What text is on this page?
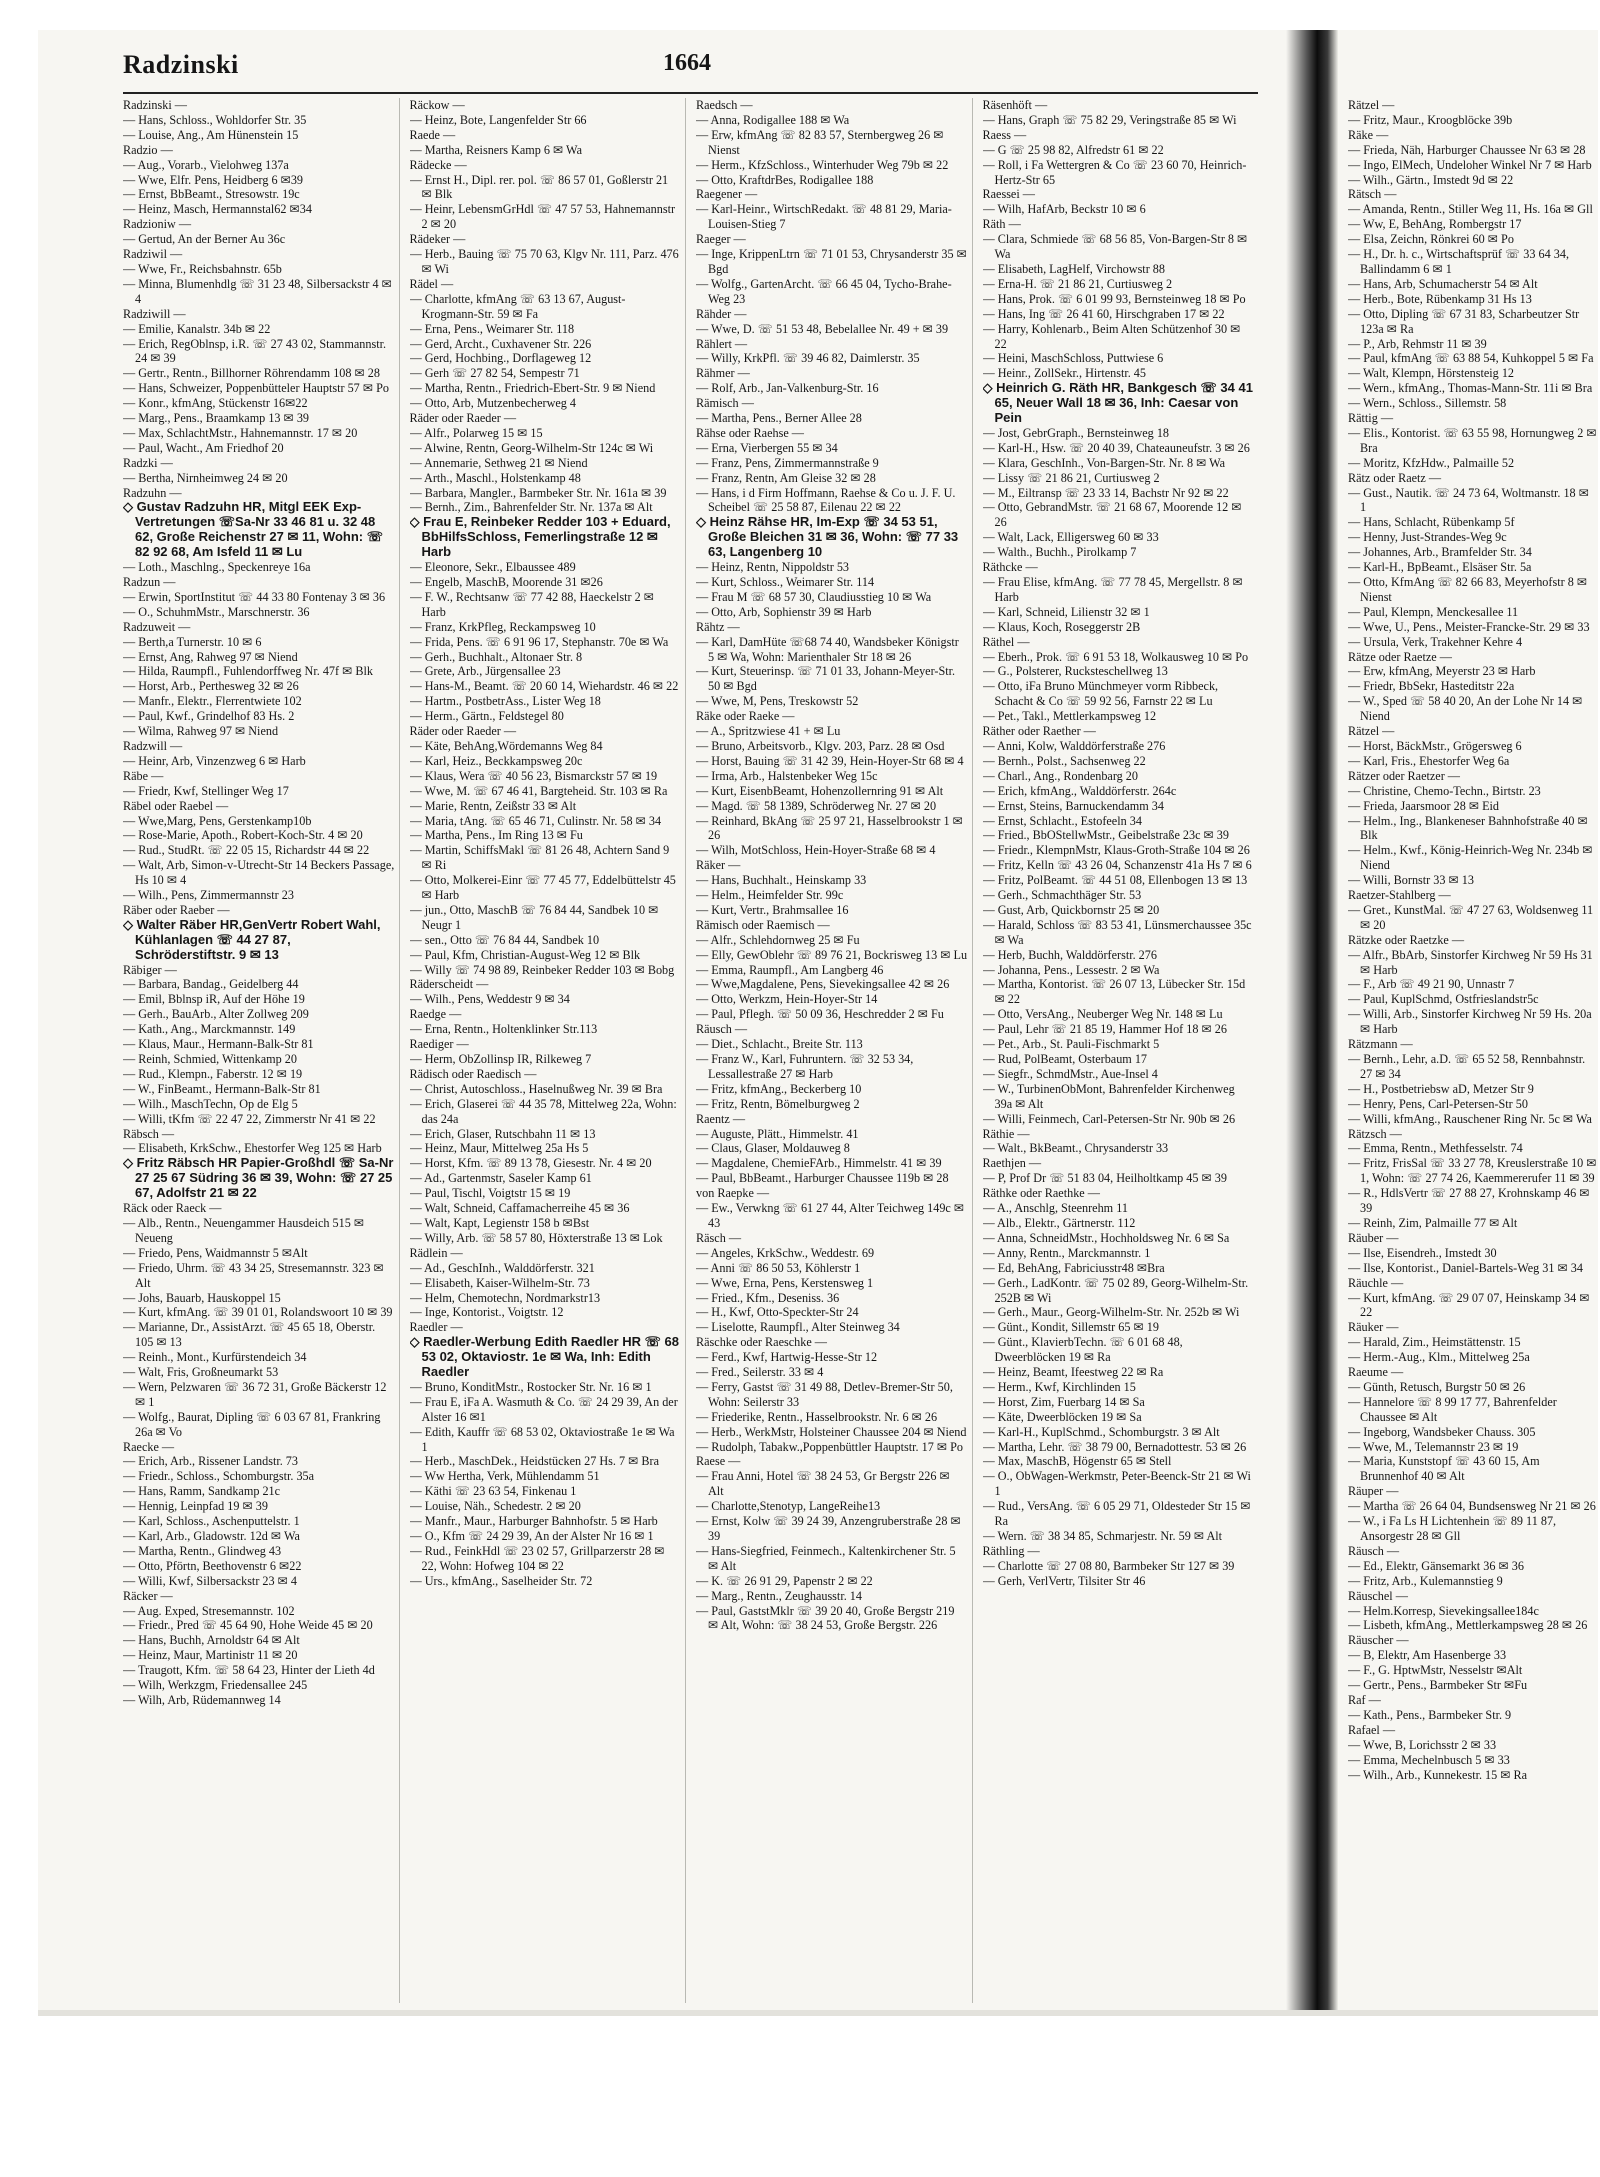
Radzinski	1664

Radzinski —

— Hans, Schloss., Wohldorfer Str. 35

— Louise, Ang., Am Hünenstein 15

Radzio —

— Aug., Vorarb., Vielohweg 137a

— Wwe, Elfr. Pens, Heidberg 6 ✉39

— Ernst, BbBeamt., Stresowstr. 19c

— Heinz, Masch, Hermannstal62 ✉34

Radzioniw —

— Gertud, An der Berner Au 36c

Radziwil —

— Wwe, Fr., Reichsbahnstr. 65b

— Minna, Blumenhdlg ☏ 31 23 48, Silbersackstr 4 ✉ 4

Radziwill —

— Emilie, Kanalstr. 34b ✉ 22

— Erich, RegOblnsp, i.R. ☏ 27 43 02, Stammannstr. 24 ✉ 39

— Gertr., Rentn., Billhorner Röhrendamm 108 ✉ 28

— Hans, Schweizer, Poppenbütteler Hauptstr 57 ✉ Po

— Konr., kfmAng, Stückenstr 16✉22

— Marg., Pens., Braamkamp 13 ✉ 39

— Max, SchlachtMstr., Hahnemannstr. 17 ✉ 20

— Paul, Wacht., Am Friedhof 20

Radzki —

— Bertha, Nirnheimweg 24 ✉ 20

Radzuhn —

◇ Gustav Radzuhn HR, Mitgl EEK Exp-Vertretungen ☏Sa-Nr 33 46 81 u. 32 48 62, Große Reichenstr 27 ✉ 11, Wohn: ☏ 82 92 68, Am Isfeld 11 ✉ Lu

— Loth., Maschlng., Speckenreye 16a

Radzun —

— Erwin, SportInstitut ☏ 44 33 80 Fontenay 3 ✉ 36

— O., SchuhmMstr., Marschnerstr. 36

Radzuweit —

— Berth,a Turnerstr. 10 ✉ 6

— Ernst, Ang, Rahweg 97 ✉ Niend

— Hilda, Raumpfl., Fuhlendorffweg Nr. 47f ✉ Blk

— Horst, Arb., Perthesweg 32 ✉ 26

— Manfr., Elektr., Flerrentwiete 102

— Paul, Kwf., Grindelhof 83 Hs. 2

— Wilma, Rahweg 97 ✉ Niend

Radzwill —

— Heinr, Arb, Vinzenzweg 6 ✉ Harb

Räbe —

— Friedr, Kwf, Stellinger Weg 17

Räbel oder Raebel —

— Wwe,Marg, Pens, Gerstenkamp10b

— Rose-Marie, Apoth., Robert-Koch-Str. 4 ✉ 20

— Rud., StudRt. ☏ 22 05 15, Richardstr 44 ✉ 22

— Walt, Arb, Simon-v-Utrecht-Str 14 Beckers Passage, Hs 10 ✉ 4

— Wilh., Pens, Zimmermannstr 23

Räber oder Raeber —

◇ Walter Räber HR,GenVertr Robert Wahl, Kühlanlagen ☏ 44 27 87, Schröderstiftstr. 9 ✉ 13

Räbiger —

— Barbara, Bandag., Geidelberg 44

— Emil, Bblnsp iR, Auf der Höhe 19

— Gerh., BauArb., Alter Zollweg 209

— Kath., Ang., Marckmannstr. 149

— Klaus, Maur., Hermann-Balk-Str 81

— Reinh, Schmied, Wittenkamp 20

— Rud., Klempn., Faberstr. 12 ✉ 19

— W., FinBeamt., Hermann-Balk-Str 81

— Wilh., MaschTechn, Op de Elg 5

— Willi, tKfm ☏ 22 47 22, Zimmerstr Nr 41 ✉ 22

Räbsch —

— Elisabeth, KrkSchw., Ehestorfer Weg 125 ✉ Harb

◇ Fritz Räbsch HR Papier-Großhdl ☏ Sa-Nr 27 25 67 Südring 36 ✉ 39, Wohn: ☏ 27 25 67, Adolfstr 21 ✉ 22

Räck oder Raeck —

— Alb., Rentn., Neuengammer Hausdeich 515 ✉ Neueng

— Friedo, Pens, Waidmannstr 5 ✉Alt

— Friedo, Uhrm. ☏ 43 34 25, Stresemannstr. 323 ✉ Alt

— Johs, Bauarb, Hauskoppel 15

— Kurt, kfmAng. ☏ 39 01 01, Rolandswoort 10 ✉ 39

— Marianne, Dr., AssistArzt. ☏ 45 65 18, Oberstr. 105 ✉ 13

— Reinh., Mont., Kurfürstendeich 34

— Walt, Fris, Großneumarkt 53

— Wern, Pelzwaren ☏ 36 72 31, Große Bäckerstr 12 ✉ 1

— Wolfg., Baurat, Dipling ☏ 6 03 67 81, Frankring 26a ✉ Vo

Raecke —

— Erich, Arb., Rissener Landstr. 73

— Friedr., Schloss., Schomburgstr. 35a

— Hans, Ramm, Sandkamp 21c

— Hennig, Leinpfad 19 ✉ 39

— Karl, Schloss., Aschenputtelstr. 1

— Karl, Arb., Gladowstr. 12d ✉ Wa

— Martha, Rentn., Glindweg 43

— Otto, Pförtn, Beethovenstr 6 ✉22

— Willi, Kwf, Silbersackstr 23 ✉ 4

Räcker —

— Aug. Exped, Stresemannstr. 102

— Friedr., Pred ☏ 45 64 90, Hohe Weide 45 ✉ 20

— Hans, Buchh, Arnoldstr 64 ✉ Alt

— Heinz, Maur, Martinistr 11 ✉ 20

— Traugott, Kfm. ☏ 58 64 23, Hinter der Lieth 4d

— Wilh, Werkzgm, Friedensallee 245

— Wilh, Arb, Rüdemannweg 14

Räckow —

— Heinz, Bote, Langenfelder Str 66

Raede —

— Martha, Reisners Kamp 6 ✉ Wa

Rädecke —

— Ernst H., Dipl. rer. pol. ☏ 86 57 01, Goßlerstr 21 ✉ Blk

— Heinr, LebensmGrHdl ☏ 47 57 53, Hahnemannstr 2 ✉ 20

Rädeker —

— Herb., Bauing ☏ 75 70 63, Klgv Nr. 111, Parz. 476 ✉ Wi

Rädel —

— Charlotte, kfmAng ☏ 63 13 67, August-Krogmann-Str. 59 ✉ Fa

— Erna, Pens., Weimarer Str. 118

— Gerd, Archt., Cuxhavener Str. 226

— Gerd, Hochbing., Dorflageweg 12

— Gerh ☏ 27 82 54, Sempestr 71

— Martha, Rentn., Friedrich-Ebert-Str. 9 ✉ Niend

— Otto, Arb, Mutzenbecherweg 4

Räder oder Raeder —

— Alfr., Polarweg 15 ✉ 15

— Alwine, Rentn, Georg-Wilhelm-Str 124c ✉ Wi

— Annemarie, Sethweg 21 ✉ Niend

— Arth., Maschl., Holstenkamp 48

— Barbara, Mangler., Barmbeker Str. Nr. 161a ✉ 39

— Bernh., Zim., Bahrenfelder Str. Nr. 137a ✉ Alt

◇ Frau E, Reinbeker Redder 103 + Eduard, BbHilfsSchloss, Femerlingstraße 12 ✉ Harb

— Eleonore, Sekr., Elbaussee 489

— Engelb, MaschB, Moorende 31 ✉26

— F. W., Rechtsanw ☏ 77 42 88, Haeckelstr 2 ✉ Harb

— Franz, KrkPfleg, Reckampsweg 10

— Frida, Pens. ☏ 6 91 96 17, Stephanstr. 70e ✉ Wa

— Gerh., Buchhalt., Altonaer Str. 8

— Grete, Arb., Jürgensallee 23

— Hans-M., Beamt. ☏ 20 60 14, Wiehardstr. 46 ✉ 22

— Hartm., PostbetrAss., Lister Weg 18

— Herm., Gärtn., Feldstegel 80

Räder oder Raeder —

— Käte, BehAng,Wördemanns Weg 84

— Karl, Heiz., Beckkampsweg 20c

— Klaus, Wera ☏ 40 56 23, Bismarckstr 57 ✉ 19

— Wwe, M. ☏ 67 46 41, Bargteheid. Str. 103 ✉ Ra

— Marie, Rentn, Zeißstr 33 ✉ Alt

— Maria, tAng. ☏ 65 46 71, Culinstr. Nr. 58 ✉ 34

— Martha, Pens., Im Ring 13 ✉ Fu

— Martin, SchiffsMakl ☏ 81 26 48, Achtern Sand 9 ✉ Ri

— Otto, Molkerei-Einr ☏ 77 45 77, Eddelbüttelstr 45 ✉ Harb

— jun., Otto, MaschB ☏ 76 84 44, Sandbek 10 ✉ Neugr 1

— sen., Otto ☏ 76 84 44, Sandbek 10

— Paul, Kfm, Christian-August-Weg 12 ✉ Blk

— Willy ☏ 74 98 89, Reinbeker Redder 103 ✉ Bobg

Räderscheidt —

— Wilh., Pens, Weddestr 9 ✉ 34

Raedge —

— Erna, Rentn., Holtenklinker Str.113

Raediger —

— Herm, ObZollinsp IR, Rilkeweg 7

Rädisch oder Raedisch —

— Christ, Autoschloss., Haselnußweg Nr. 39 ✉ Bra

— Erich, Glaserei ☏ 44 35 78, Mittelweg 22a, Wohn: das 24a

— Erich, Glaser, Rutschbahn 11 ✉ 13

— Heinz, Maur, Mittelweg 25a Hs 5

— Horst, Kfm. ☏ 89 13 78, Giesestr. Nr. 4 ✉ 20

— Ad., Gartenmstr, Saseler Kamp 61

— Paul, Tischl, Voigtstr 15 ✉ 19

— Walt, Schneid, Caffamacherreihe 45 ✉ 36

— Walt, Kapt, Legienstr 158 b ✉Bst

— Willy, Arb. ☏ 58 57 80, Höxterstraße 13 ✉ Lok

Rädlein —

— Ad., GeschInh., Walddörferstr. 321

— Elisabeth, Kaiser-Wilhelm-Str. 73

— Helm, Chemotechn, Nordmarkstr13

— Inge, Kontorist., Voigtstr. 12

Raedler —

◇ Raedler-Werbung Edith Raedler HR ☏ 68 53 02, Oktaviostr. 1e ✉ Wa, Inh: Edith Raedler

— Bruno, KonditMstr., Rostocker Str. Nr. 16 ✉ 1

— Frau E, iFa A. Wasmuth & Co. ☏ 24 29 39, An der Alster 16 ✉1

— Edith, Kauffr ☏ 68 53 02, Oktaviostraße 1e ✉ Wa 1

— Herb., MaschDek., Heidstücken 27 Hs. 7 ✉ Bra

— Ww Hertha, Verk, Mühlendamm 51

— Käthi ☏ 23 63 54, Finkenau 1

— Louise, Näh., Schedestr. 2 ✉ 20

— Manfr., Maur., Harburger Bahnhofstr. 5 ✉ Harb

— O., Kfm ☏ 24 29 39, An der Alster Nr 16 ✉ 1

— Rud., FeinkHdl ☏ 23 02 57, Grillparzerstr 28 ✉ 22, Wohn: Hofweg 104 ✉ 22

— Urs., kfmAng., Saselheider Str. 72

Raedsch —

— Anna, Rodigallee 188 ✉ Wa

— Erw, kfmAng ☏ 82 83 57, Sternbergweg 26 ✉ Nienst

— Herm., KfzSchloss., Winterhuder Weg 79b ✉ 22

— Otto, KraftdrBes, Rodigallee 188

Raegener —

— Karl-Heinr., WirtschRedakt. ☏ 48 81 29, Maria-Louisen-Stieg 7

Raeger —

— Inge, KrippenLtrn ☏ 71 01 53, Chrysanderstr 35 ✉ Bgd

— Wolfg., GartenArcht. ☏ 66 45 04, Tycho-Brahe-Weg 23

Rähder —

— Wwe, D. ☏ 51 53 48, Bebelallee Nr. 49 + ✉ 39

Rählert —

— Willy, KrkPfl. ☏ 39 46 82, Daimlerstr. 35

Rähmer —

— Rolf, Arb., Jan-Valkenburg-Str. 16

Rämisch —

— Martha, Pens., Berner Allee 28

Rähse oder Raehse —

— Erna, Vierbergen 55 ✉ 34

— Franz, Pens, Zimmermannstraße 9

— Franz, Rentn, Am Gleise 32 ✉ 28

— Hans, i d Firm Hoffmann, Raehse & Co u. J. F. U. Scheibel ☏ 25 58 87, Eilenau 22 ✉ 22

◇ Heinz Rähse HR, Im-Exp ☏ 34 53 51, Große Bleichen 31 ✉ 36, Wohn: ☏ 77 33 63, Langenberg 10

— Heinz, Rentn, Nippoldstr 53

— Kurt, Schloss., Weimarer Str. 114

— Frau M ☏ 68 57 30, Claudiusstieg 10 ✉ Wa

— Otto, Arb, Sophienstr 39 ✉ Harb

Rähtz —

— Karl, DamHüte ☏68 74 40, Wandsbeker Königstr 5 ✉ Wa, Wohn: Marienthaler Str 18 ✉ 26

— Kurt, Steuerinsp. ☏ 71 01 33, Johann-Meyer-Str. 50 ✉ Bgd

— Wwe, M, Pens, Treskowstr 52

Räke oder Raeke —

— A., Spritzwiese 41 + ✉ Lu

— Bruno, Arbeitsvorb., Klgv. 203, Parz. 28 ✉ Osd

— Horst, Bauing ☏ 31 42 39, Hein-Hoyer-Str 68 ✉ 4

— Irma, Arb., Halstenbeker Weg 15c

— Kurt, EisenbBeamt, Hohenzollernring 91 ✉ Alt

— Magd. ☏ 58 1389, Schröderweg Nr. 27 ✉ 20

— Reinhard, BkAng ☏ 25 97 21, Hasselbrookstr 1 ✉ 26

— Wilh, MotSchloss, Hein-Hoyer-Straße 68 ✉ 4

Räker —

— Hans, Buchhalt., Heinskamp 33

— Helm., Heimfelder Str. 99c

— Kurt, Vertr., Brahmsallee 16

Rämisch oder Raemisch —

— Alfr., Schlehdornweg 25 ✉ Fu

— Elly, GewOblehr ☏ 89 76 21, Bockrisweg 13 ✉ Lu

— Emma, Raumpfl., Am Langberg 46

— Wwe,Magdalene, Pens, Sievekingsallee 42 ✉ 26

— Otto, Werkzm, Hein-Hoyer-Str 14

— Paul, Pflegh. ☏ 50 09 36, Heschredder 2 ✉ Fu

Räusch —

— Diet., Schlacht., Breite Str. 113

— Franz W., Karl, Fuhruntern. ☏ 32 53 34, Lessallestraße 27 ✉ Harb

— Fritz, kfmAng., Beckerberg 10

— Fritz, Rentn, Bömelburgweg 2

Raentz —

— Auguste, Plätt., Himmelstr. 41

— Claus, Glaser, Moldauweg 8

— Magdalene, ChemieFArb., Himmelstr. 41 ✉ 39

— Paul, BbBeamt., Harburger Chaussee 119b ✉ 28

von Raepke —

— Ew., Verwkng ☏ 61 27 44, Alter Teichweg 149c ✉ 43

Räsch —

— Angeles, KrkSchw., Weddestr. 69

— Anni ☏ 86 50 53, Köhlerstr 1

— Wwe, Erna, Pens, Kerstensweg 1

— Fried., Kfm., Deseniss. 36

— H., Kwf, Otto-Speckter-Str 24

— Liselotte, Raumpfl., Alter Steinweg 34

Räschke oder Raeschke —

— Ferd., Kwf, Hartwig-Hesse-Str 12

— Fred., Seilerstr. 33 ✉ 4

— Ferry, Gastst ☏ 31 49 88, Detlev-Bremer-Str 50, Wohn: Seilerstr 33

— Friederike, Rentn., Hasselbrookstr. Nr. 6 ✉ 26

— Herb., WerkMstr, Holsteiner Chaussee 204 ✉ Niend

— Rudolph, Tabakw.,Poppenbüttler Hauptstr. 17 ✉ Po

Raese —

— Frau Anni, Hotel ☏ 38 24 53, Gr Bergstr 226 ✉ Alt

— Charlotte,Stenotyp, LangeReihe13

— Ernst, Kolw ☏ 39 24 39, Anzengruberstraße 28 ✉ 39

— Hans-Siegfried, Feinmech., Kaltenkirchener Str. 5 ✉ Alt

— K. ☏ 26 91 29, Papenstr 2 ✉ 22

— Marg., Rentn., Zeughausstr. 14

— Paul, GaststMklr ☏ 39 20 40, Große Bergstr 219 ✉ Alt, Wohn: ☏ 38 24 53, Große Bergstr. 226

Räsenhöft —

— Hans, Graph ☏ 75 82 29, Veringstraße 85 ✉ Wi

Raess —

— G ☏ 25 98 82, Alfredstr 61 ✉ 22

— Roll, i Fa Wettergren & Co ☏ 23 60 70, Heinrich-Hertz-Str 65

Raessei —

— Wilh, HafArb, Beckstr 10 ✉ 6

Räth —

— Clara, Schmiede ☏ 68 56 85, Von-Bargen-Str 8 ✉ Wa

— Elisabeth, LagHelf, Virchowstr 88

— Erna-H. ☏ 21 86 21, Curtiusweg 2

— Hans, Prok. ☏ 6 01 99 93, Bernsteinweg 18 ✉ Po

— Hans, Ing ☏ 26 41 60, Hirschgraben 17 ✉ 22

— Harry, Kohlenarb., Beim Alten Schützenhof 30 ✉ 22

— Heini, MaschSchloss, Puttwiese 6

— Heinr., ZollSekr., Hirtenstr. 45

◇ Heinrich G. Räth HR, Bankgesch ☏ 34 41 65, Neuer Wall 18 ✉ 36, Inh: Caesar von Pein

— Jost, GebrGraph., Bernsteinweg 18

— Karl-H., Hsw. ☏ 20 40 39, Chateauneufstr. 3 ✉ 26

— Klara, GeschInh., Von-Bargen-Str. Nr. 8 ✉ Wa

— Lissy ☏ 21 86 21, Curtiusweg 2

— M., Eiltransp ☏ 23 33 14, Bachstr Nr 92 ✉ 22

— Otto, GebrandMstr. ☏ 21 68 67, Moorende 12 ✉ 26

— Walt, Lack, Elligersweg 60 ✉ 33

— Walth., Buchh., Pirolkamp 7

Räthcke —

— Frau Elise, kfmAng. ☏ 77 78 45, Mergellstr. 8 ✉ Harb

— Karl, Schneid, Lilienstr 32 ✉ 1

— Klaus, Koch, Roseggerstr 2B

Räthel —

— Eberh., Prok. ☏ 6 91 53 18, Wolkausweg 10 ✉ Po

— G., Polsterer, Rucksteschellweg 13

— Otto, iFa Bruno Münchmeyer vorm Ribbeck, Schacht & Co ☏ 59 92 56, Farnstr 22 ✉ Lu

— Pet., Takl., Mettlerkampsweg 12

Räther oder Raether —

— Anni, Kolw, Walddörferstraße 276

— Bernh., Polst., Sachsenweg 22

— Charl., Ang., Rondenbarg 20

— Erich, kfmAng., Walddörferstr. 264c

— Ernst, Steins, Barnuckendamm 34

— Ernst, Schlacht., Estofeeln 34

— Fried., BbOStellwMstr., Geibelstraße 23c ✉ 39

— Friedr., KlempnMstr, Klaus-Groth-Straße 104 ✉ 26

— Fritz, Kelln ☏ 43 26 04, Schanzenstr 41a Hs 7 ✉ 6

— Fritz, PolBeamt. ☏ 44 51 08, Ellenbogen 13 ✉ 13

— Gerh., Schmachthäger Str. 53

— Gust, Arb, Quickbornstr 25 ✉ 20

— Harald, Schloss ☏ 83 53 41, Lünsmerchaussee 35c ✉ Wa

— Herb, Buchh, Walddörferstr. 276

— Johanna, Pens., Lessestr. 2 ✉ Wa

— Martha, Kontorist. ☏ 26 07 13, Lübecker Str. 15d ✉ 22

— Otto, VersAng., Neuberger Weg Nr. 148 ✉ Lu

— Paul, Lehr ☏ 21 85 19, Hammer Hof 18 ✉ 26

— Pet., Arb., St. Pauli-Fischmarkt 5

— Rud, PolBeamt, Osterbaum 17

— Siegfr., SchmdMstr., Aue-Insel 4

— W., TurbinenObMont, Bahrenfelder Kirchenweg 39a ✉ Alt

— Willi, Feinmech, Carl-Petersen-Str Nr. 90b ✉ 26

Räthie —

— Walt., BkBeamt., Chrysanderstr 33

Raethjen —

— P, Prof Dr ☏ 51 83 04, Heilholtkamp 45 ✉ 39

Räthke oder Raethke —

— A., Anschlg, Steenrehm 11

— Alb., Elektr., Gärtnerstr. 112

— Anna, SchneidMstr., Hochholdsweg Nr. 6 ✉ Sa

— Anny, Rentn., Marckmannstr. 1

— Ed, BehAng, Fabriciusstr48 ✉Bra

— Gerh., LadKontr. ☏ 75 02 89, Georg-Wilhelm-Str. 252B ✉ Wi

— Gerh., Maur., Georg-Wilhelm-Str. Nr. 252b ✉ Wi

— Günt., Kondit, Sillemstr 65 ✉ 19

— Günt., KlavierbTechn. ☏ 6 01 68 48, Dweerblöcken 19 ✉ Ra

— Heinz, Beamt, Ifeestweg 22 ✉ Ra

— Herm., Kwf, Kirchlinden 15

— Horst, Zim, Fuerbarg 14 ✉ Sa

— Käte, Dweerblöcken 19 ✉ Sa

— Karl-H., KuplSchmd., Schomburgstr. 3 ✉ Alt

— Martha, Lehr. ☏ 38 79 00, Bernadottestr. 53 ✉ 26

— Max, MaschB, Högenstr 65 ✉ Stell

— O., ObWagen-Werkmstr, Peter-Beenck-Str 21 ✉ Wi 1

— Rud., VersAng. ☏ 6 05 29 71, Oldesteder Str 15 ✉ Ra

— Wern. ☏ 38 34 85, Schmarjestr. Nr. 59 ✉ Alt

Räthling —

— Charlotte ☏ 27 08 80, Barmbeker Str 127 ✉ 39

— Gerh, VerlVertr, Tilsiter Str 46

Rätzel —

— Fritz, Maur., Kroogblöcke 39b

Räke —

— Frieda, Näh, Harburger Chaussee Nr 63 ✉ 28

— Ingo, ElMech, Undeloher Winkel Nr 7 ✉ Harb

— Wilh., Gärtn., Imstedt 9d ✉ 22

Rätsch —

— Amanda, Rentn., Stiller Weg 11, Hs. 16a ✉ Gll

— Ww, E, BehAng, Rombergstr 17

— Elsa, Zeichn, Rönkrei 60 ✉ Po

— H., Dr. h. c., Wirtschaftsprüf ☏ 33 64 34, Ballindamm 6 ✉ 1

— Hans, Arb, Schumacherstr 54 ✉ Alt

— Herb., Bote, Rübenkamp 31 Hs 13

— Otto, Dipling ☏ 67 31 83, Scharbeutzer Str 123a ✉ Ra

— P., Arb, Rehmstr 11 ✉ 39

— Paul, kfmAng ☏ 63 88 54, Kuhkoppel 5 ✉ Fa

— Walt, Klempn, Hörstensteig 12

— Wern., kfmAng., Thomas-Mann-Str. 11i ✉ Bra

— Wern., Schloss., Sillemstr. 58

Rättig —

— Elis., Kontorist. ☏ 63 55 98, Hornungweg 2 ✉ Bra

— Moritz, KfzHdw., Palmaille 52

Rätz oder Raetz —

— Gust., Nautik. ☏ 24 73 64, Woltmanstr. 18 ✉ 1

— Hans, Schlacht, Rübenkamp 5f

— Henny, Just-Strandes-Weg 9c

— Johannes, Arb., Bramfelder Str. 34

— Karl-H., BpBeamt., Elsäser Str. 5a

— Otto, KfmAng ☏ 82 66 83, Meyerhofstr 8 ✉ Nienst

— Paul, Klempn, Menckesallee 11

— Wwe, U., Pens., Meister-Francke-Str. 29 ✉ 33

— Ursula, Verk, Trakehner Kehre 4

Rätze oder Raetze —

— Erw, kfmAng, Meyerstr 23 ✉ Harb

— Friedr, BbSekr, Hasteditstr 22a

— W., Sped ☏ 58 40 20, An der Lohe Nr 14 ✉ Niend

Rätzel —

— Horst, BäckMstr., Grögersweg 6

— Karl, Fris., Ehestorfer Weg 6a

Rätzer oder Raetzer —

— Christine, Chemo-Techn., Birtstr. 23

— Frieda, Jaarsmoor 28 ✉ Eid

— Helm., Ing., Blankeneser Bahnhofstraße 40 ✉ Blk

— Helm., Kwf., König-Heinrich-Weg Nr. 234b ✉ Niend

— Willi, Bornstr 33 ✉ 13

Raetzer-Stahlberg —

— Gret., KunstMal. ☏ 47 27 63, Woldsenweg 11 ✉ 20

Rätzke oder Raetzke —

— Alfr., BbArb, Sinstorfer Kirchweg Nr 59 Hs 31 ✉ Harb

— F., Arb ☏ 49 21 90, Unnastr 7

— Paul, KuplSchmd, Ostfrieslandstr5c

— Willi, Arb., Sinstorfer Kirchweg Nr 59 Hs. 20a ✉ Harb

Rätzmann —

— Bernh., Lehr, a.D. ☏ 65 52 58, Rennbahnstr. 27 ✉ 34

— H., Postbetriebsw aD, Metzer Str 9

— Henry, Pens, Carl-Petersen-Str 50

— Willi, kfmAng., Rauschener Ring Nr. 5c ✉ Wa

Rätzsch —

— Emma, Rentn., Methfesselstr. 74

— Fritz, FrisSal ☏ 33 27 78, Kreuslerstraße 10 ✉ 1, Wohn: ☏ 27 74 26, Kaemmererufer 11 ✉ 39

— R., HdlsVertr ☏ 27 88 27, Krohnskamp 46 ✉ 39

— Reinh, Zim, Palmaille 77 ✉ Alt

Räuber —

— Ilse, Eisendreh., Imstedt 30

— Ilse, Kontorist., Daniel-Bartels-Weg 31 ✉ 34

Räuchle —

— Kurt, kfmAng. ☏ 29 07 07, Heinskamp 34 ✉ 22

Räuker —

— Harald, Zim., Heimstättenstr. 15

— Herm.-Aug., Klm., Mittelweg 25a

Raeume —

— Günth, Retusch, Burgstr 50 ✉ 26

— Hannelore ☏ 8 99 17 77, Bahrenfelder Chaussee ✉ Alt

— Ingeborg, Wandsbeker Chauss. 305

— Wwe, M., Telemannstr 23 ✉ 19

— Maria, Kunststopf ☏ 43 60 15, Am Brunnenhof 40 ✉ Alt

Räuper —

— Martha ☏ 26 64 04, Bundsensweg Nr 21 ✉ 26

— W., i Fa Ls H Lichtenhein ☏ 89 11 87, Ansorgestr 28 ✉ Gll

Räusch —

— Ed., Elektr, Gänsemarkt 36 ✉ 36

— Fritz, Arb., Kulemannstieg 9

Räuschel —

— Helm.Korresp, Sievekingsallee184c

— Lisbeth, kfmAng., Mettlerkampsweg 28 ✉ 26

Räuscher —

— B, Elektr, Am Hasenberge 33

— F., G. HptwMstr, Nesselstr ✉Alt

— Gertr., Pens., Barmbeker Str ✉Fu

Raf —

— Kath., Pens., Barmbeker Str. 9

Rafael —

— Wwe, B, Lorichsstr 2 ✉ 33

— Emma, Mechelnbusch 5 ✉ 33

— Wilh., Arb., Kunnekestr. 15 ✉ Ra
